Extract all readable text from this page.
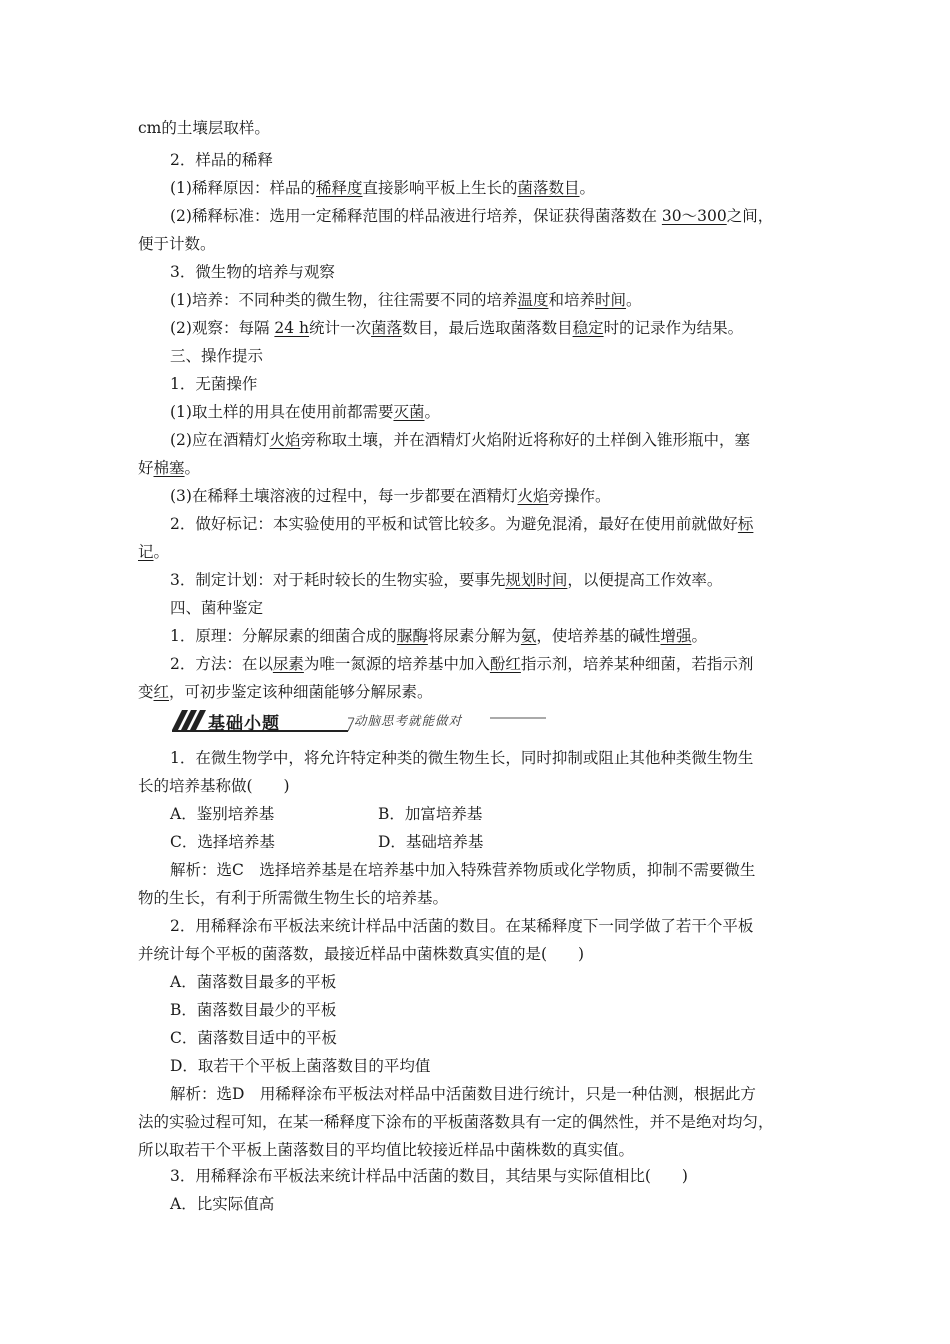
cm的土壤层取样。
2．样品的稀释
(1)稀释原因：样品的稀释度直接影响平板上生长的菌落数目。
(2)稀释标准：选用一定稀释范围的样品液进行培养，保证获得菌落数在 30～300之间，
便于计数。
3．微生物的培养与观察
(1)培养：不同种类的微生物，往往需要不同的培养温度和培养时间。
(2)观察：每隔 24 h统计一次菌落数目，最后选取菌落数目稳定时的记录作为结果。
三、操作提示
1．无菌操作
(1)取土样的用具在使用前都需要灭菌。
(2)应在酒精灯火焰旁称取土壤，并在酒精灯火焰附近将称好的土样倒入锥形瓶中，塞
好棉塞。
(3)在稀释土壤溶液的过程中，每一步都要在酒精灯火焰旁操作。
2．做好标记：本实验使用的平板和试管比较多。为避免混淆，最好在使用前就做好标
记。
3．制定计划：对于耗时较长的生物实验，要事先规划时间，以便提高工作效率。
四、菌种鉴定
1．原理：分解尿素的细菌合成的脲酶将尿素分解为氨，使培养基的碱性增强。
2．方法：在以尿素为唯一氮源的培养基中加入酚红指示剂，培养某种细菌，若指示剂
变红，可初步鉴定该种细菌能够分解尿素。
基础小题	动脑思考就能做对
1．在微生物学中，将允许特定种类的微生物生长，同时抑制或阻止其他种类微生物生
长的培养基称做(　　)
A．鉴别培养基	B．加富培养基
C．选择培养基	D．基础培养基
解析：选C　选择培养基是在培养基中加入特殊营养物质或化学物质，抑制不需要微生
物的生长，有利于所需微生物生长的培养基。
2．用稀释涂布平板法来统计样品中活菌的数目。在某稀释度下一同学做了若干个平板
并统计每个平板的菌落数，最接近样品中菌株数真实值的是(　　)
A．菌落数目最多的平板
B．菌落数目最少的平板
C．菌落数目适中的平板
D．取若干个平板上菌落数目的平均值
解析：选D　用稀释涂布平板法对样品中活菌数目进行统计，只是一种估测，根据此方
法的实验过程可知，在某一稀释度下涂布的平板菌落数具有一定的偶然性，并不是绝对均匀，
所以取若干个平板上菌落数目的平均值比较接近样品中菌株数的真实值。
3．用稀释涂布平板法来统计样品中活菌的数目，其结果与实际值相比(　　)
A．比实际值高
